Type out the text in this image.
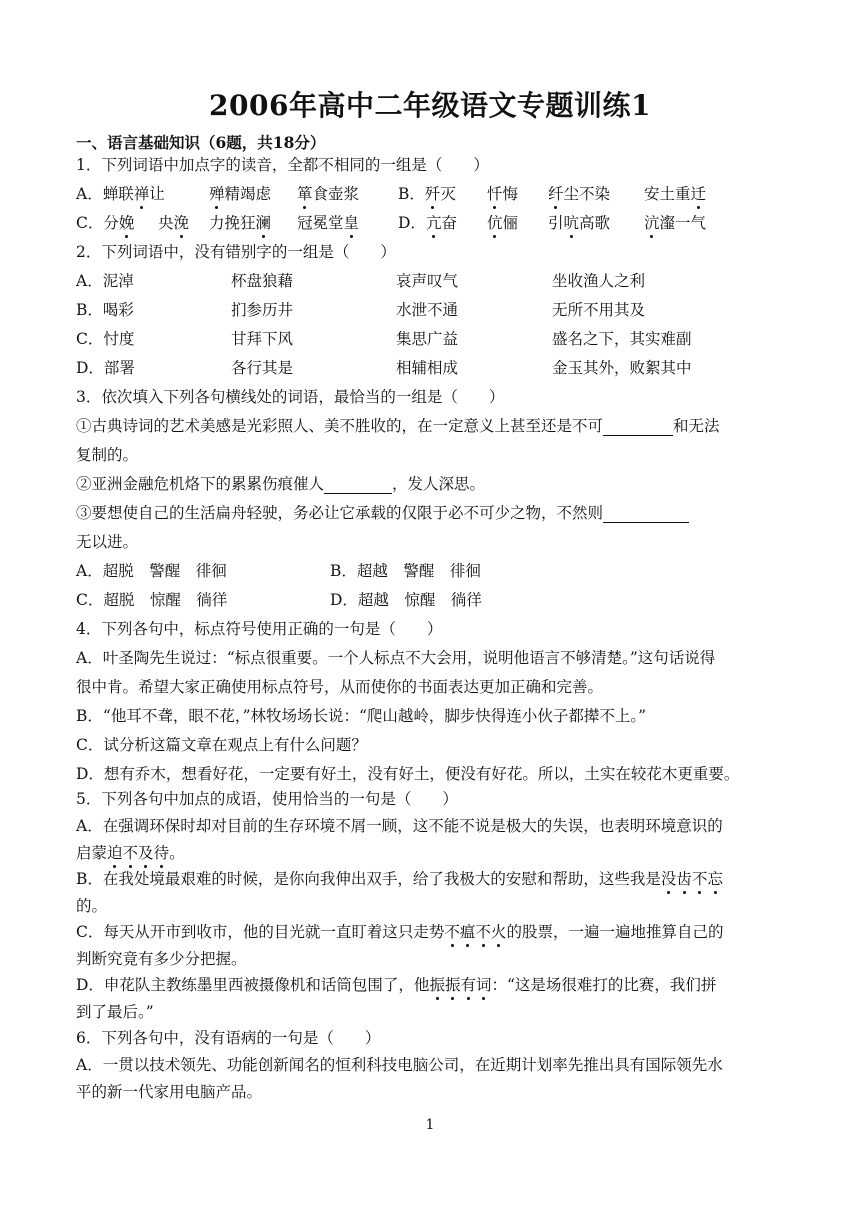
2006年高中二年级语文专题训练1
一、语言基础知识（6题，共18分）
1．下列词语中加点字的读音，全都不相同的一组是（　　）
A．蝉联禅让	殚精竭虑 箪食壶浆	B．歼灭 忏悔 纤尘不染 安土重迁
C．分娩 央浼 力挽狂澜 冠冕堂皇	D．亢奋 伉俪 引吭高歌 沆瀣一气
2．下列词语中，没有错别字的一组是（　　）
A．泥淖	杯盘狼藉	哀声叹气	坐收渔人之利
B．喝彩	扪参历井	水泄不通	无所不用其及
C．忖度	甘拜下风	集思广益	盛名之下，其实难副
D．部署	各行其是	相辅相成	金玉其外，败絮其中
3．依次填入下列各句横线处的词语，最恰当的一组是（　　）
①古典诗词的艺术美感是光彩照人、美不胜收的，在一定意义上甚至还是不可	和无法
复制的。
②亚洲金融危机烙下的累累伤痕催人	，发人深思。
③要想使自己的生活扁舟轻驶，务必让它承载的仅限于必不可少之物，不然则
无以进。
A．超脱　警醒　徘徊	B．超越　警醒　徘徊
C．超脱　惊醒　徜徉	D．超越　惊醒　徜徉
4．下列各句中，标点符号使用正确的一句是（　　）
A．叶圣陶先生说过：“标点很重要。一个人标点不大会用，说明他语言不够清楚。”这句话说得
很中肯。希望大家正确使用标点符号，从而使你的书面表达更加正确和完善。
B．“他耳不聋，眼不花，”林牧场场长说：“爬山越岭，脚步快得连小伙子都撵不上。”
C．试分析这篇文章在观点上有什么问题？
D．想有乔木，想看好花，一定要有好土，没有好土，便没有好花。所以，土实在较花木更重要。
5．下列各句中加点的成语，使用恰当的一句是（　　）
A．在强调环保时却对目前的生存环境不屑一顾，这不能不说是极大的失误，也表明环境意识的
启蒙迫不及待。
B．在我处境最艰难的时候，是你向我伸出双手，给了我极大的安慰和帮助，这些我是没齿不忘
的。
C．每天从开市到收市，他的目光就一直盯着这只走势不瘟不火的股票，一遍一遍地推算自己的
判断究竟有多少分把握。
D．申花队主教练墨里西被摄像机和话筒包围了，他振振有词：“这是场很难打的比赛，我们拼
到了最后。”
6．下列各句中，没有语病的一句是（　　）
A．一贯以技术领先、功能创新闻名的恒利科技电脑公司，在近期计划率先推出具有国际领先水
平的新一代家用电脑产品。
1
